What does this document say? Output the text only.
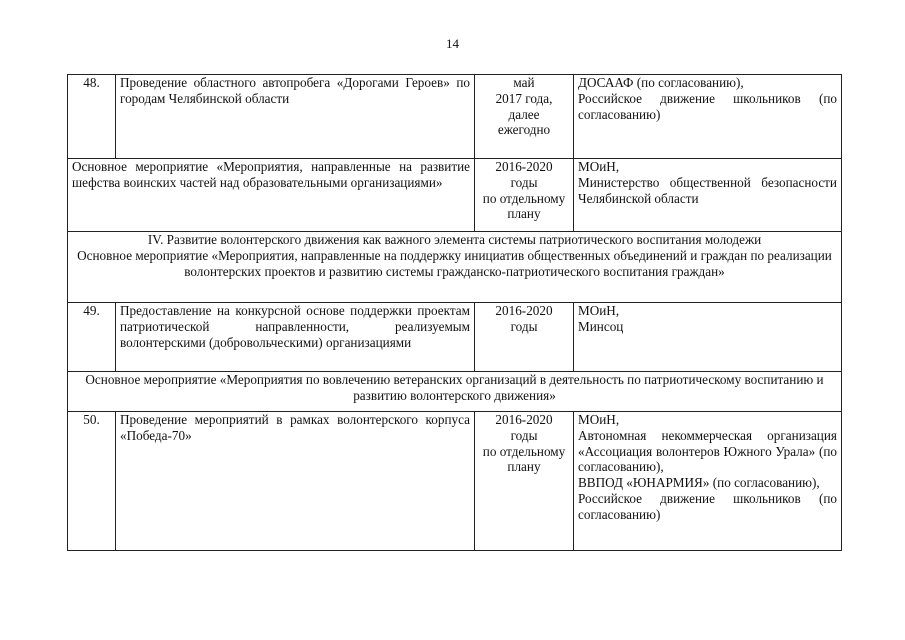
14
48.	Проведение областного автопробега «Дорогами Героев» по городам Челябинской области	май
2017 года,
далее
ежегодно	ДОСААФ (по согласованию),
Российское движение школьников (по согласованию)

Основное мероприятие «Мероприятия, направленные на развитие шефства воинских частей над образовательными организациями»		2016-2020
годы
по отдельному
плану	МОиН,
Министерство общественной безопасности Челябинской области

IV. Развитие волонтерского движения как важного элемента системы патриотического воспитания молодежи
Основное мероприятие «Мероприятия, направленные на поддержку инициатив общественных объединений и граждан по реализации волонтерских проектов и развитию системы гражданско-патриотического воспитания граждан»			

49.	Предоставление на конкурсной основе поддержки проектам патриотической направленности, реализуемым волонтерскими (добровольческими) организациями	2016-2020
годы	МОиН,
Минсоц

Основное мероприятие «Мероприятия по вовлечению ветеранских организаций в деятельность по патриотическому воспитанию и развитию волонтерского движения»			
50.	Проведение мероприятий в рамках волонтерского корпуса «Победа-70»	2016-2020
годы
по отдельному
плану	МОиН,
Автономная некоммерческая организация «Ассоциация волонтеров Южного Урала» (по согласованию),
ВВПОД «ЮНАРМИЯ» (по согласованию),
Российское движение школьников (по согласованию)
